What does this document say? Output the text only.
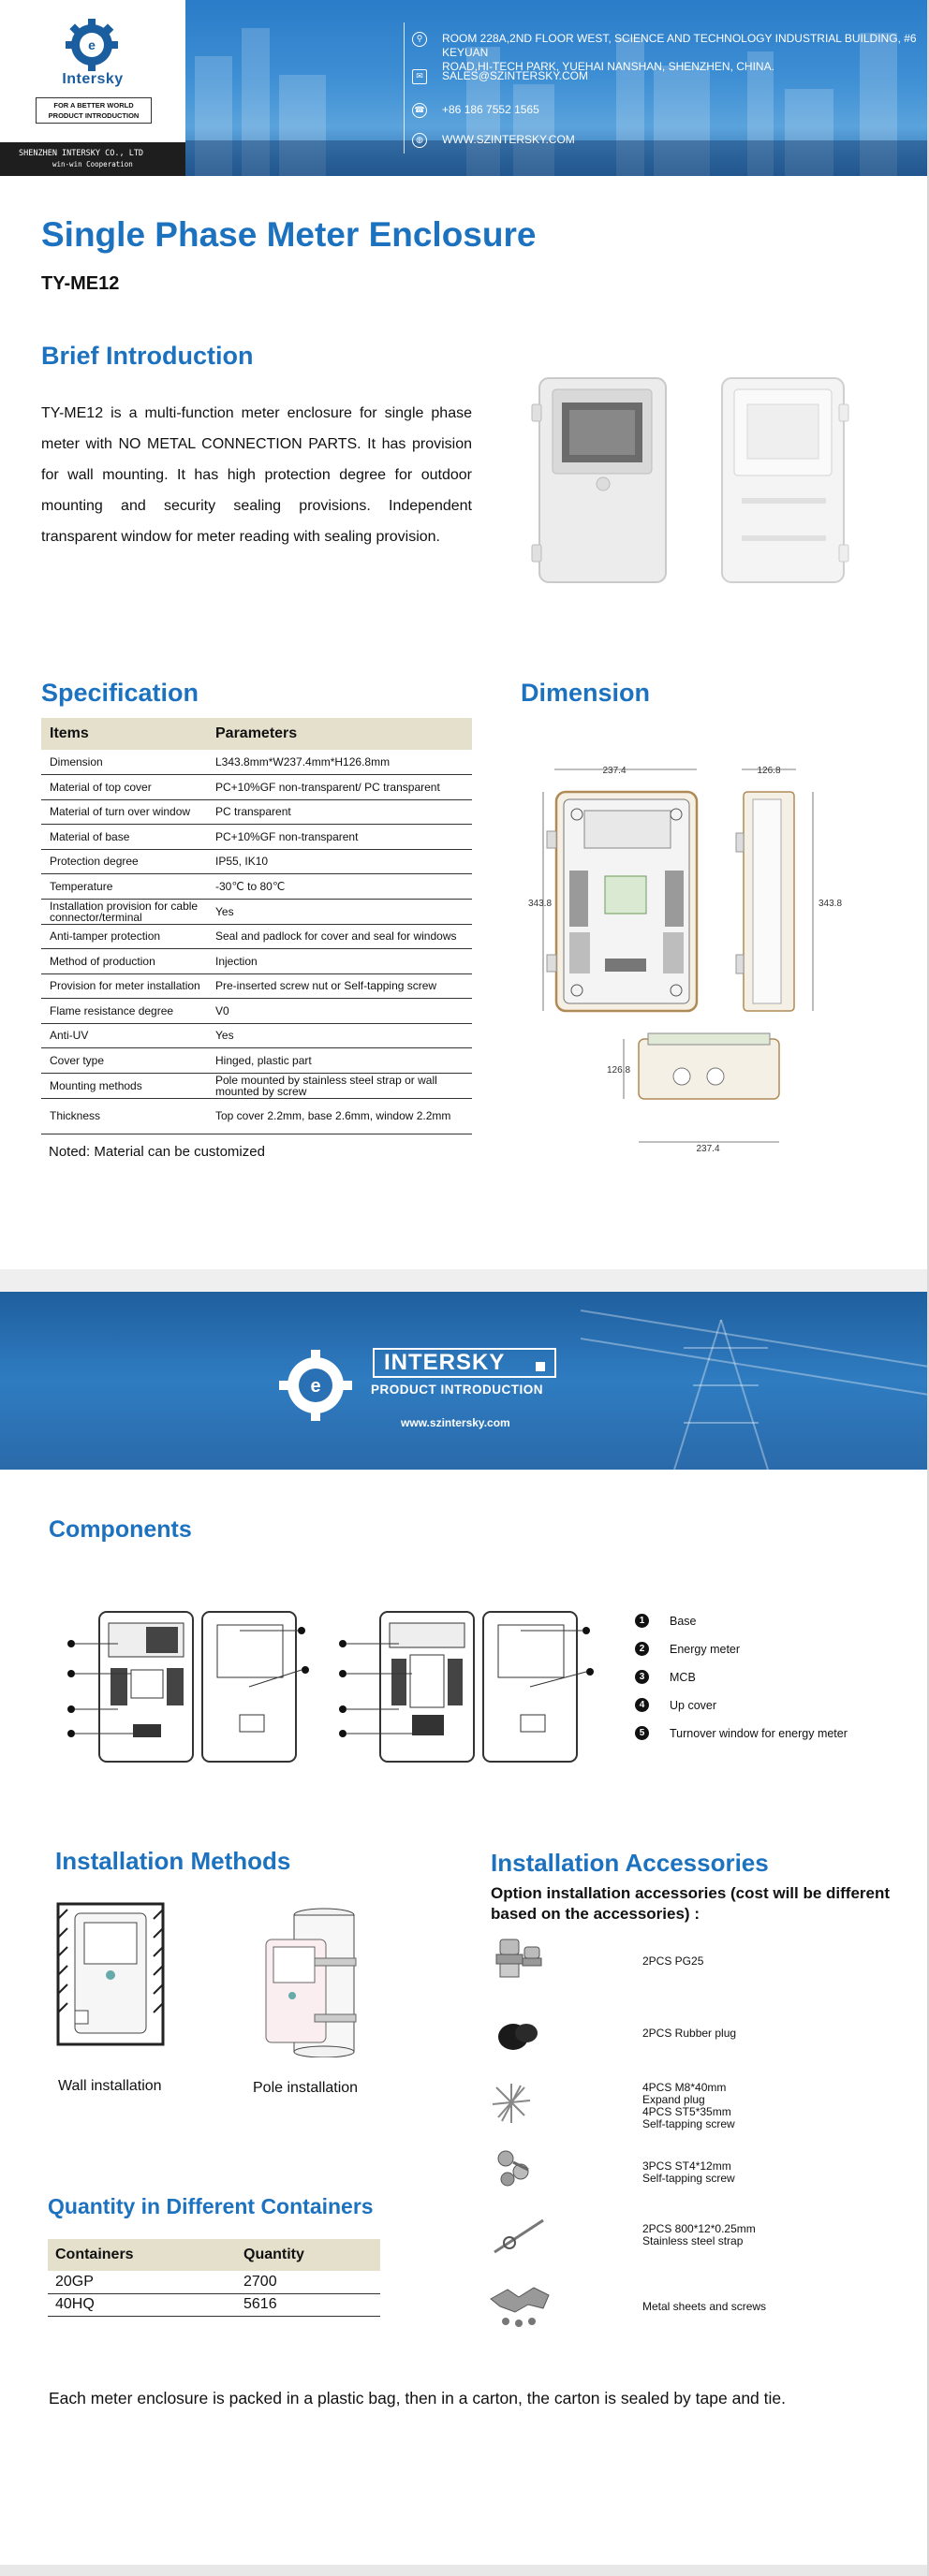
e
Intersky
FOR A BETTER WORLD
PRODUCT INTRODUCTION
SHENZHEN INTERSKY CO., LTD
win-win Cooperation
⚲	ROOM 228A,2ND FLOOR WEST, SCIENCE AND TECHNOLOGY INDUSTRIAL BUILDING, #6 KEYUAN
ROAD,HI-TECH PARK, YUEHAI NANSHAN, SHENZHEN, CHINA.
✉	SALES@SZINTERSKY.COM
☎ +86 186 7552 1565
◍	WWW.SZINTERSKY.COM
Single Phase Meter Enclosure
TY-ME12
Brief Introduction
TY-ME12 is a multi-function meter enclosure for single phase meter with NO METAL CONNECTION PARTS. It has provision for wall mounting. It has high protection degree for outdoor mounting and security sealing provisions. Independent transparent window for meter reading with sealing provision.
Specification
Items	Parameters
Dimension	L343.8mm*W237.4mm*H126.8mm
Material of top cover	PC+10%GF non-transparent/ PC transparent
Material of turn over window	PC transparent
Material of base	PC+10%GF non-transparent
Protection degree	IP55, IK10
Temperature	-30℃ to 80℃
Installation provision for cable connector/terminal	Yes
Anti-tamper protection	Seal and padlock for cover and seal for windows
Method of production	Injection
Provision for meter installation	Pre-inserted screw nut or Self-tapping screw
Flame resistance degree	V0
Anti-UV	Yes
Cover type	Hinged, plastic part
Mounting methods	Pole mounted by stainless steel strap or wall mounted by screw
Thickness	Top cover 2.2mm, base 2.6mm, window 2.2mm
Noted: Material can be customized
Dimension
237.4
343.8
126.8
343.8
126.8
237.4
e
INTERSKY
PRODUCT INTRODUCTION
www.szintersky.com
Components
1	Base
2	Energy meter
3	MCB
4	Up cover
5	Turnover window for energy meter
Installation Methods
Wall installation	Pole installation
Quantity in Different Containers
Containers	Quantity
20GP	2700
40HQ	5616
Installation Accessories
Option installation accessories (cost will be different based on the accessories) :
2PCS PG25
2PCS Rubber plug
4PCS M8*40mm
Expand plug
4PCS ST5*35mm
Self-tapping screw
3PCS ST4*12mm
Self-tapping screw
2PCS 800*12*0.25mm
Stainless steel strap
Metal sheets and screws
Each meter enclosure is packed in a plastic bag, then in a carton, the carton is sealed by tape and tie.
